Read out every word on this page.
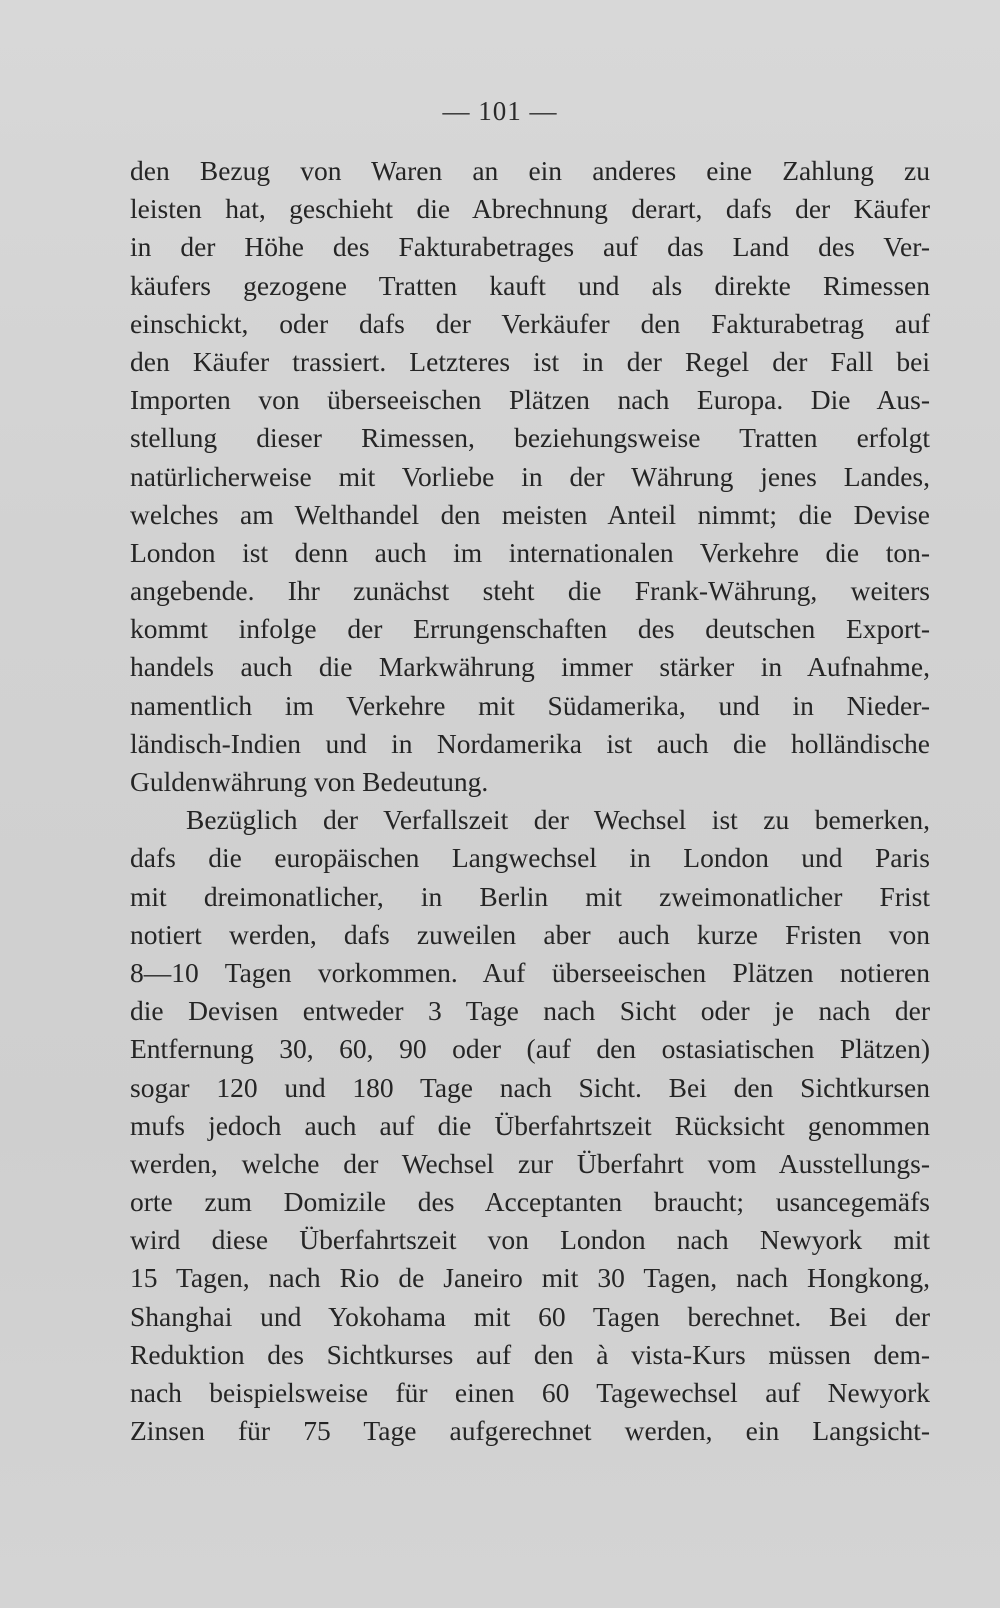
— 101 —
den Bezug von Waren an ein anderes eine Zahlung zu
leisten hat, geschieht die Abrechnung derart, dafs der Käufer
in der Höhe des Fakturabetrages auf das Land des Ver-
käufers gezogene Tratten kauft und als direkte Rimessen
einschickt, oder dafs der Verkäufer den Fakturabetrag auf
den Käufer trassiert. Letzteres ist in der Regel der Fall bei
Importen von überseeischen Plätzen nach Europa. Die Aus-
stellung dieser Rimessen, beziehungsweise Tratten erfolgt
natürlicherweise mit Vorliebe in der Währung jenes Landes,
welches am Welthandel den meisten Anteil nimmt; die Devise
London ist denn auch im internationalen Verkehre die ton-
angebende. Ihr zunächst steht die Frank-Währung, weiters
kommt infolge der Errungenschaften des deutschen Export-
handels auch die Markwährung immer stärker in Aufnahme,
namentlich im Verkehre mit Südamerika, und in Nieder-
ländisch-Indien und in Nordamerika ist auch die holländische
Guldenwährung von Bedeutung.
Bezüglich der Verfallszeit der Wechsel ist zu bemerken,
dafs die europäischen Langwechsel in London und Paris
mit dreimonatlicher, in Berlin mit zweimonatlicher Frist
notiert werden, dafs zuweilen aber auch kurze Fristen von
8—10 Tagen vorkommen. Auf überseeischen Plätzen notieren
die Devisen entweder 3 Tage nach Sicht oder je nach der
Entfernung 30, 60, 90 oder (auf den ostasiatischen Plätzen)
sogar 120 und 180 Tage nach Sicht. Bei den Sichtkursen
mufs jedoch auch auf die Überfahrtszeit Rücksicht genommen
werden, welche der Wechsel zur Überfahrt vom Ausstellungs-
orte zum Domizile des Acceptanten braucht; usancegemäfs
wird diese Überfahrtszeit von London nach Newyork mit
15 Tagen, nach Rio de Janeiro mit 30 Tagen, nach Hongkong,
Shanghai und Yokohama mit 60 Tagen berechnet. Bei der
Reduktion des Sichtkurses auf den à vista-Kurs müssen dem-
nach beispielsweise für einen 60 Tagewechsel auf Newyork
Zinsen für 75 Tage aufgerechnet werden, ein Langsicht-
